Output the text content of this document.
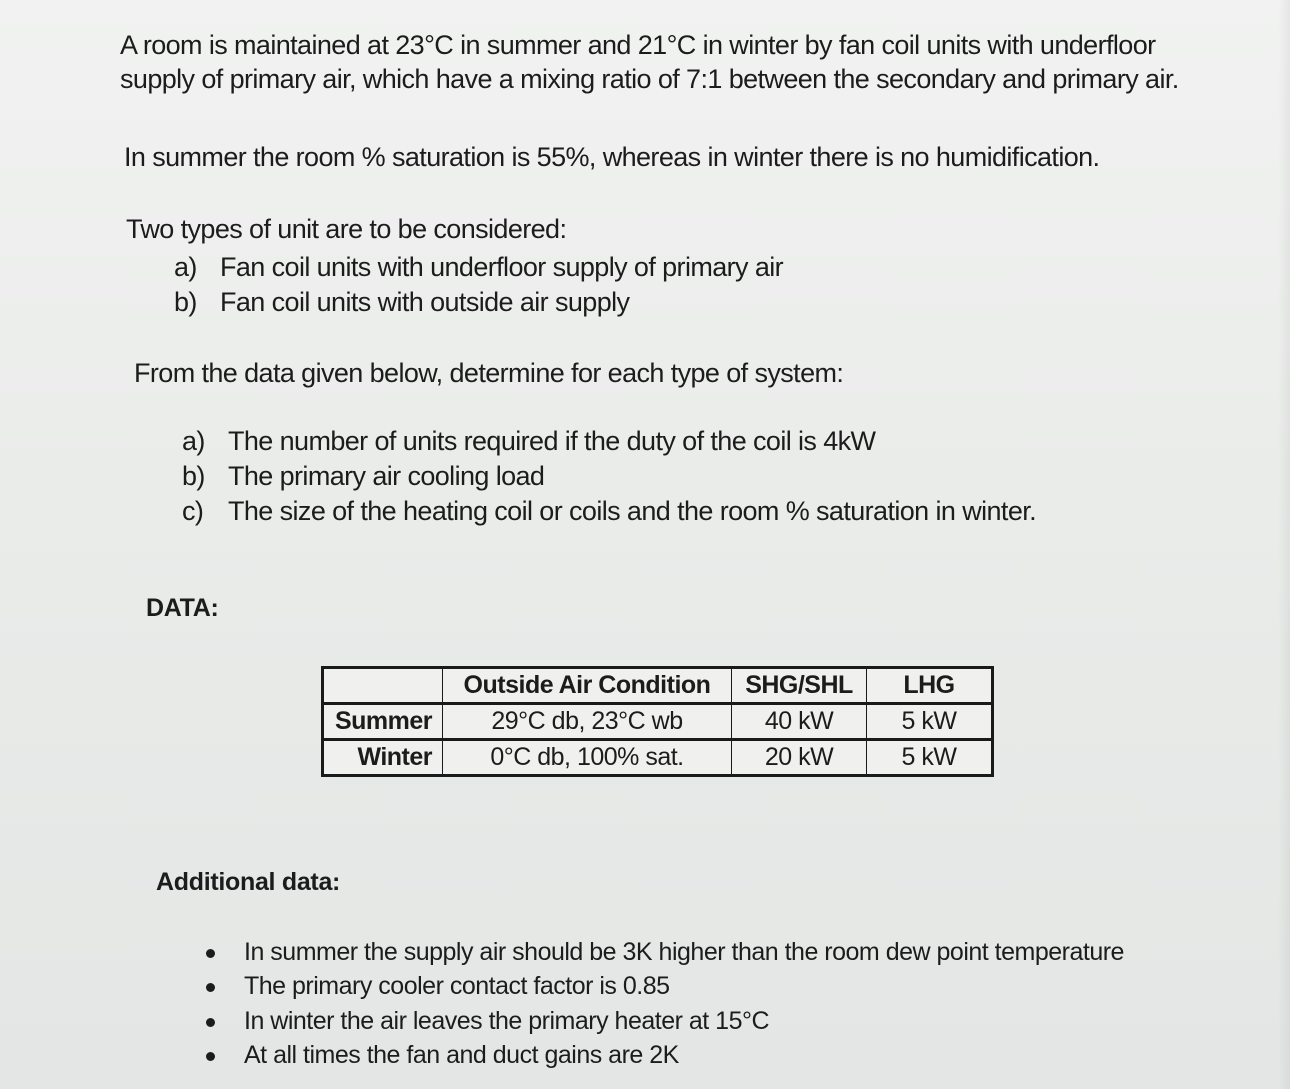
A room is maintained at 23°C in summer and 21°C in winter by fan coil units with underfloor
supply of primary air, which have a mixing ratio of 7:1 between the secondary and primary air.
In summer the room % saturation is 55%, whereas in winter there is no humidification.
Two types of unit are to be considered:
a) Fan coil units with underfloor supply of primary air
b) Fan coil units with outside air supply
From the data given below, determine for each type of system:
a) The number of units required if the duty of the coil is 4kW
b) The primary air cooling load
c) The size of the heating coil or coils and the room % saturation in winter.
DATA:
	Outside Air Condition	SHG/SHL	LHG
Summer	29°C db, 23°C wb	40 kW	5 kW
Winter	0°C db, 100% sat.	20 kW	5 kW
Additional data:
In summer the supply air should be 3K higher than the room dew point temperature
The primary cooler contact factor is 0.85
In winter the air leaves the primary heater at 15°C
At all times the fan and duct gains are 2K
